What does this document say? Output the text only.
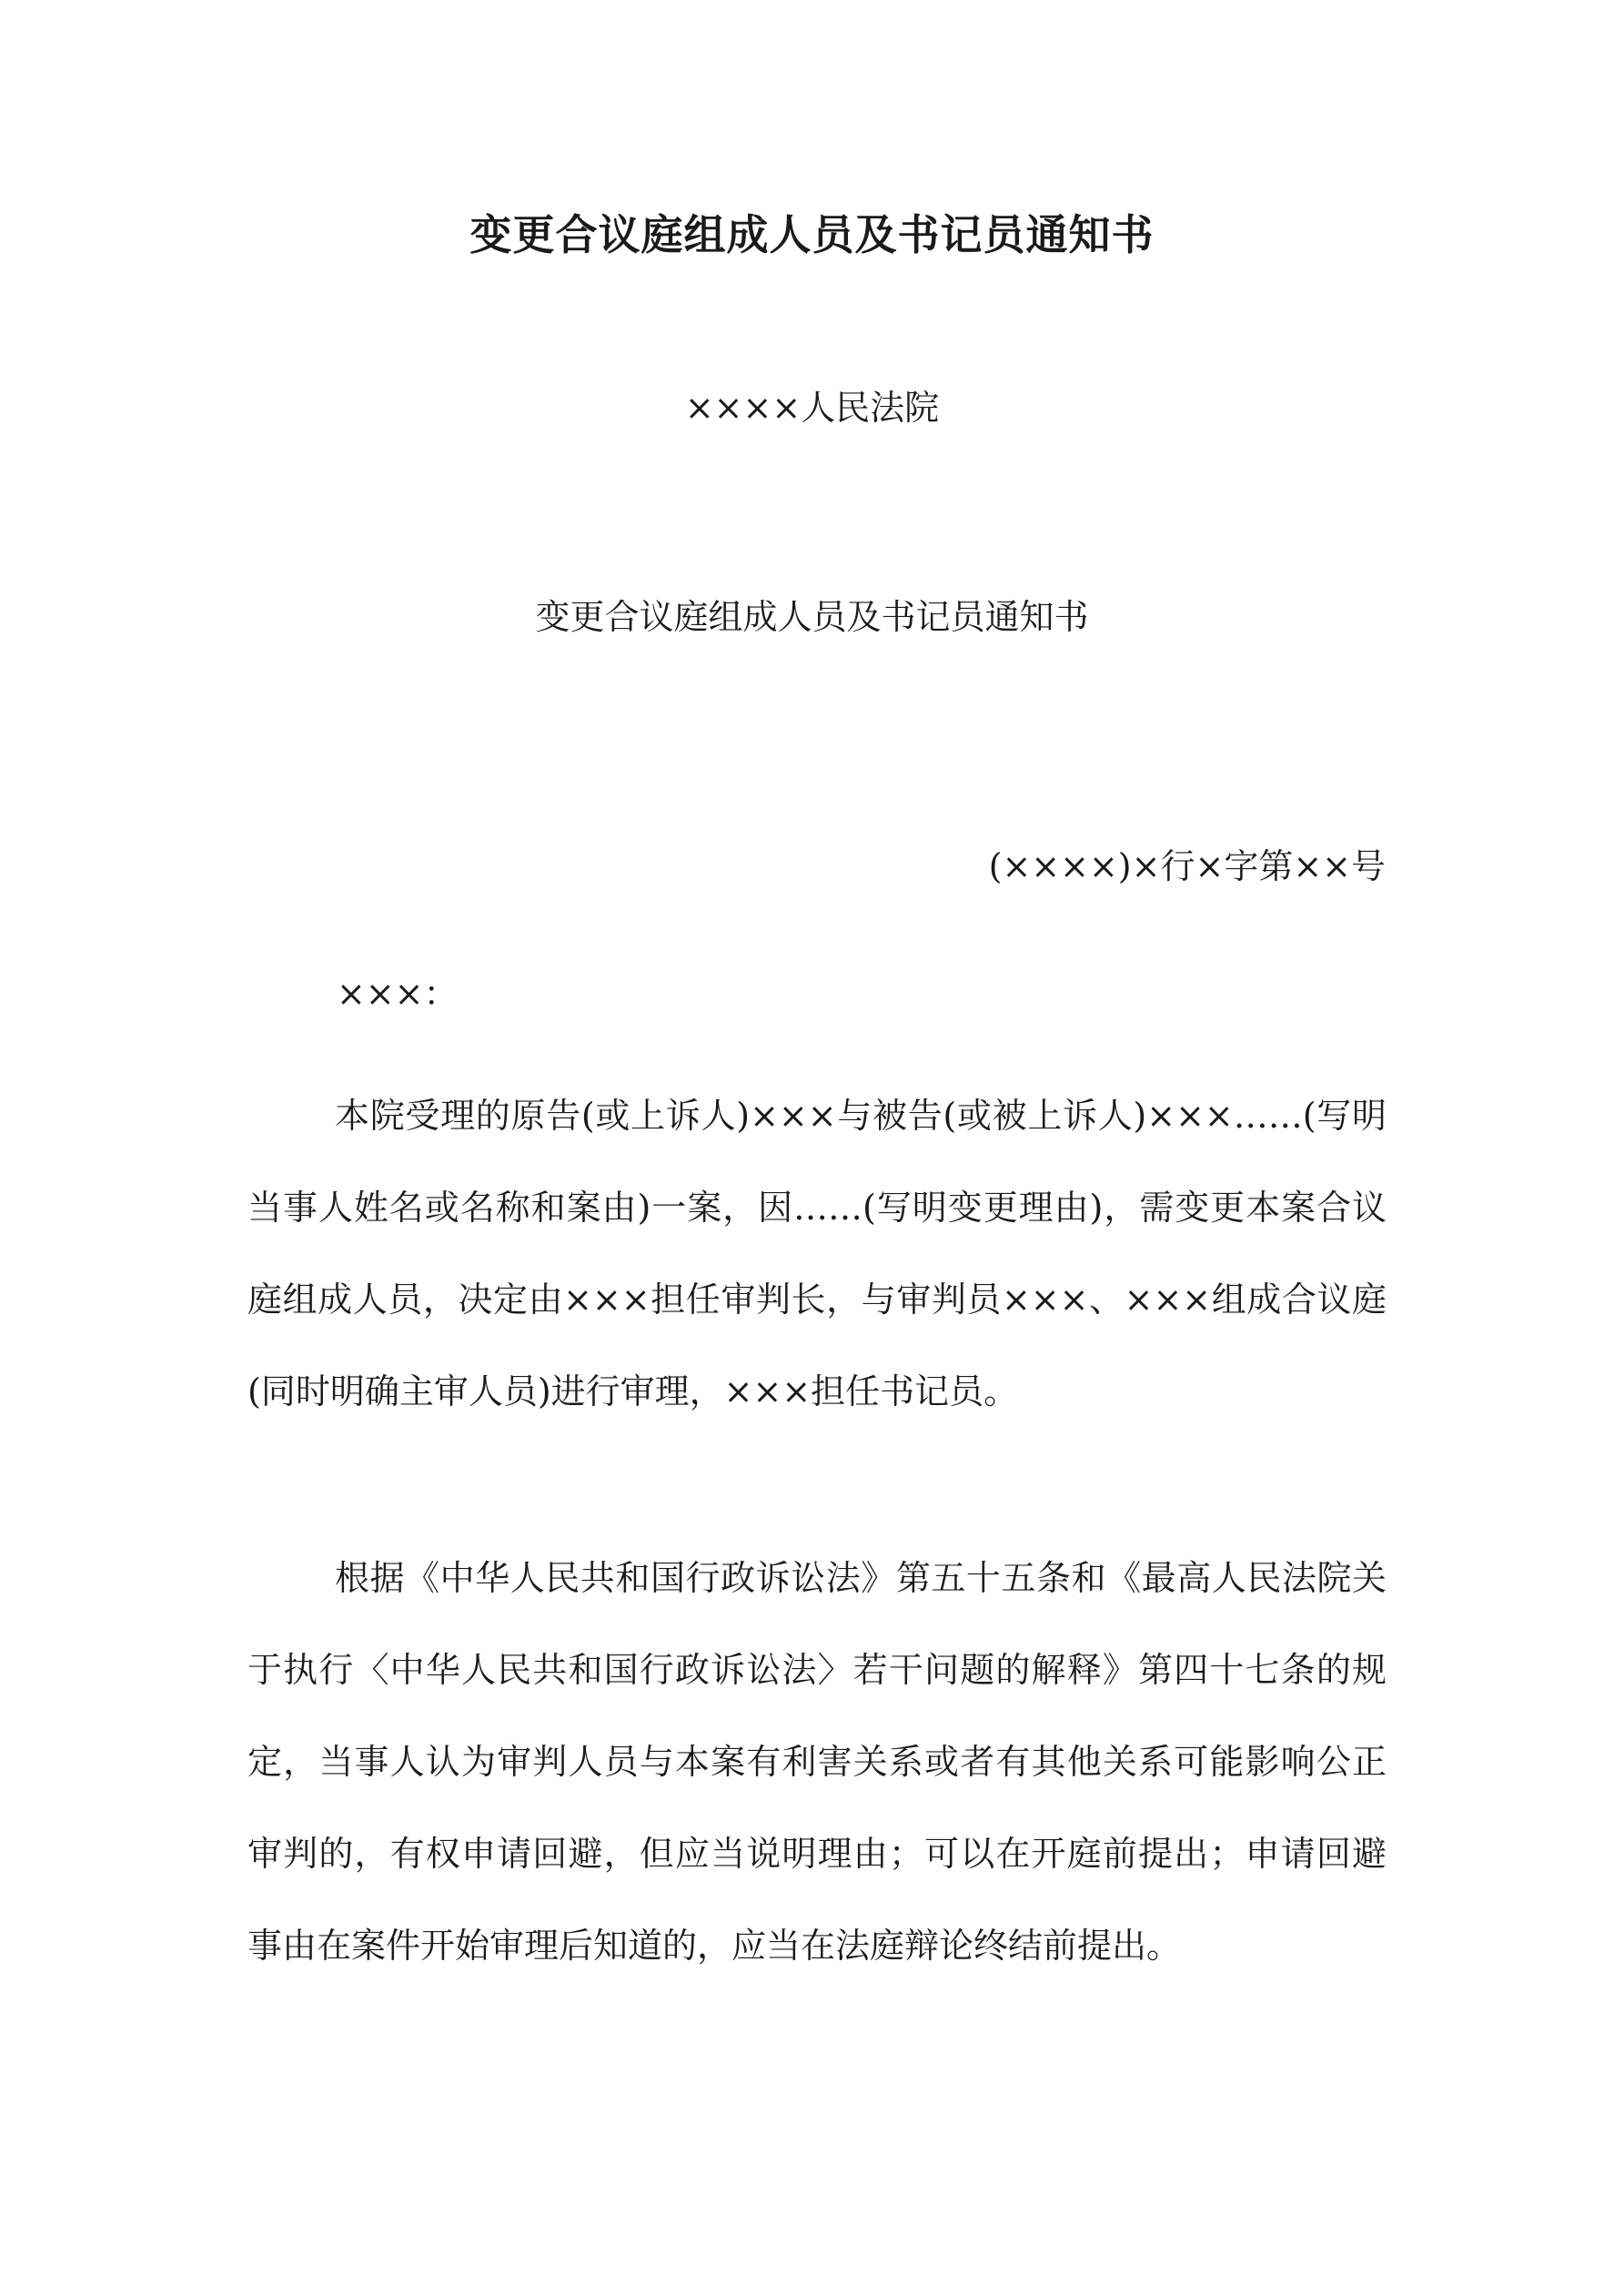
变更合议庭组成人员及书记员通知书

××××人民法院

变更合议庭组成人员及书记员通知书

(××××)×行×字第××号

×××：

本院受理的原告(或上诉人)×××与被告(或被上诉人)×××……(写明当事人姓名或名称和案由)一案，因……(写明变更理由)，需变更本案合议庭组成人员，决定由×××担任审判长，与审判员×××、×××组成合议庭(同时明确主审人员)进行审理，×××担任书记员。

根据《中华人民共和国行政诉讼法》第五十五条和《最高人民法院关于执行〈中华人民共和国行政诉讼法〉若干问题的解释》第四十七条的规定，当事人认为审判人员与本案有利害关系或者有其他关系可能影响公正审判的，有权申请回避，但应当说明理由；可以在开庭前提出；申请回避事由在案件开始审理后知道的，应当在法庭辩论终结前提出。
